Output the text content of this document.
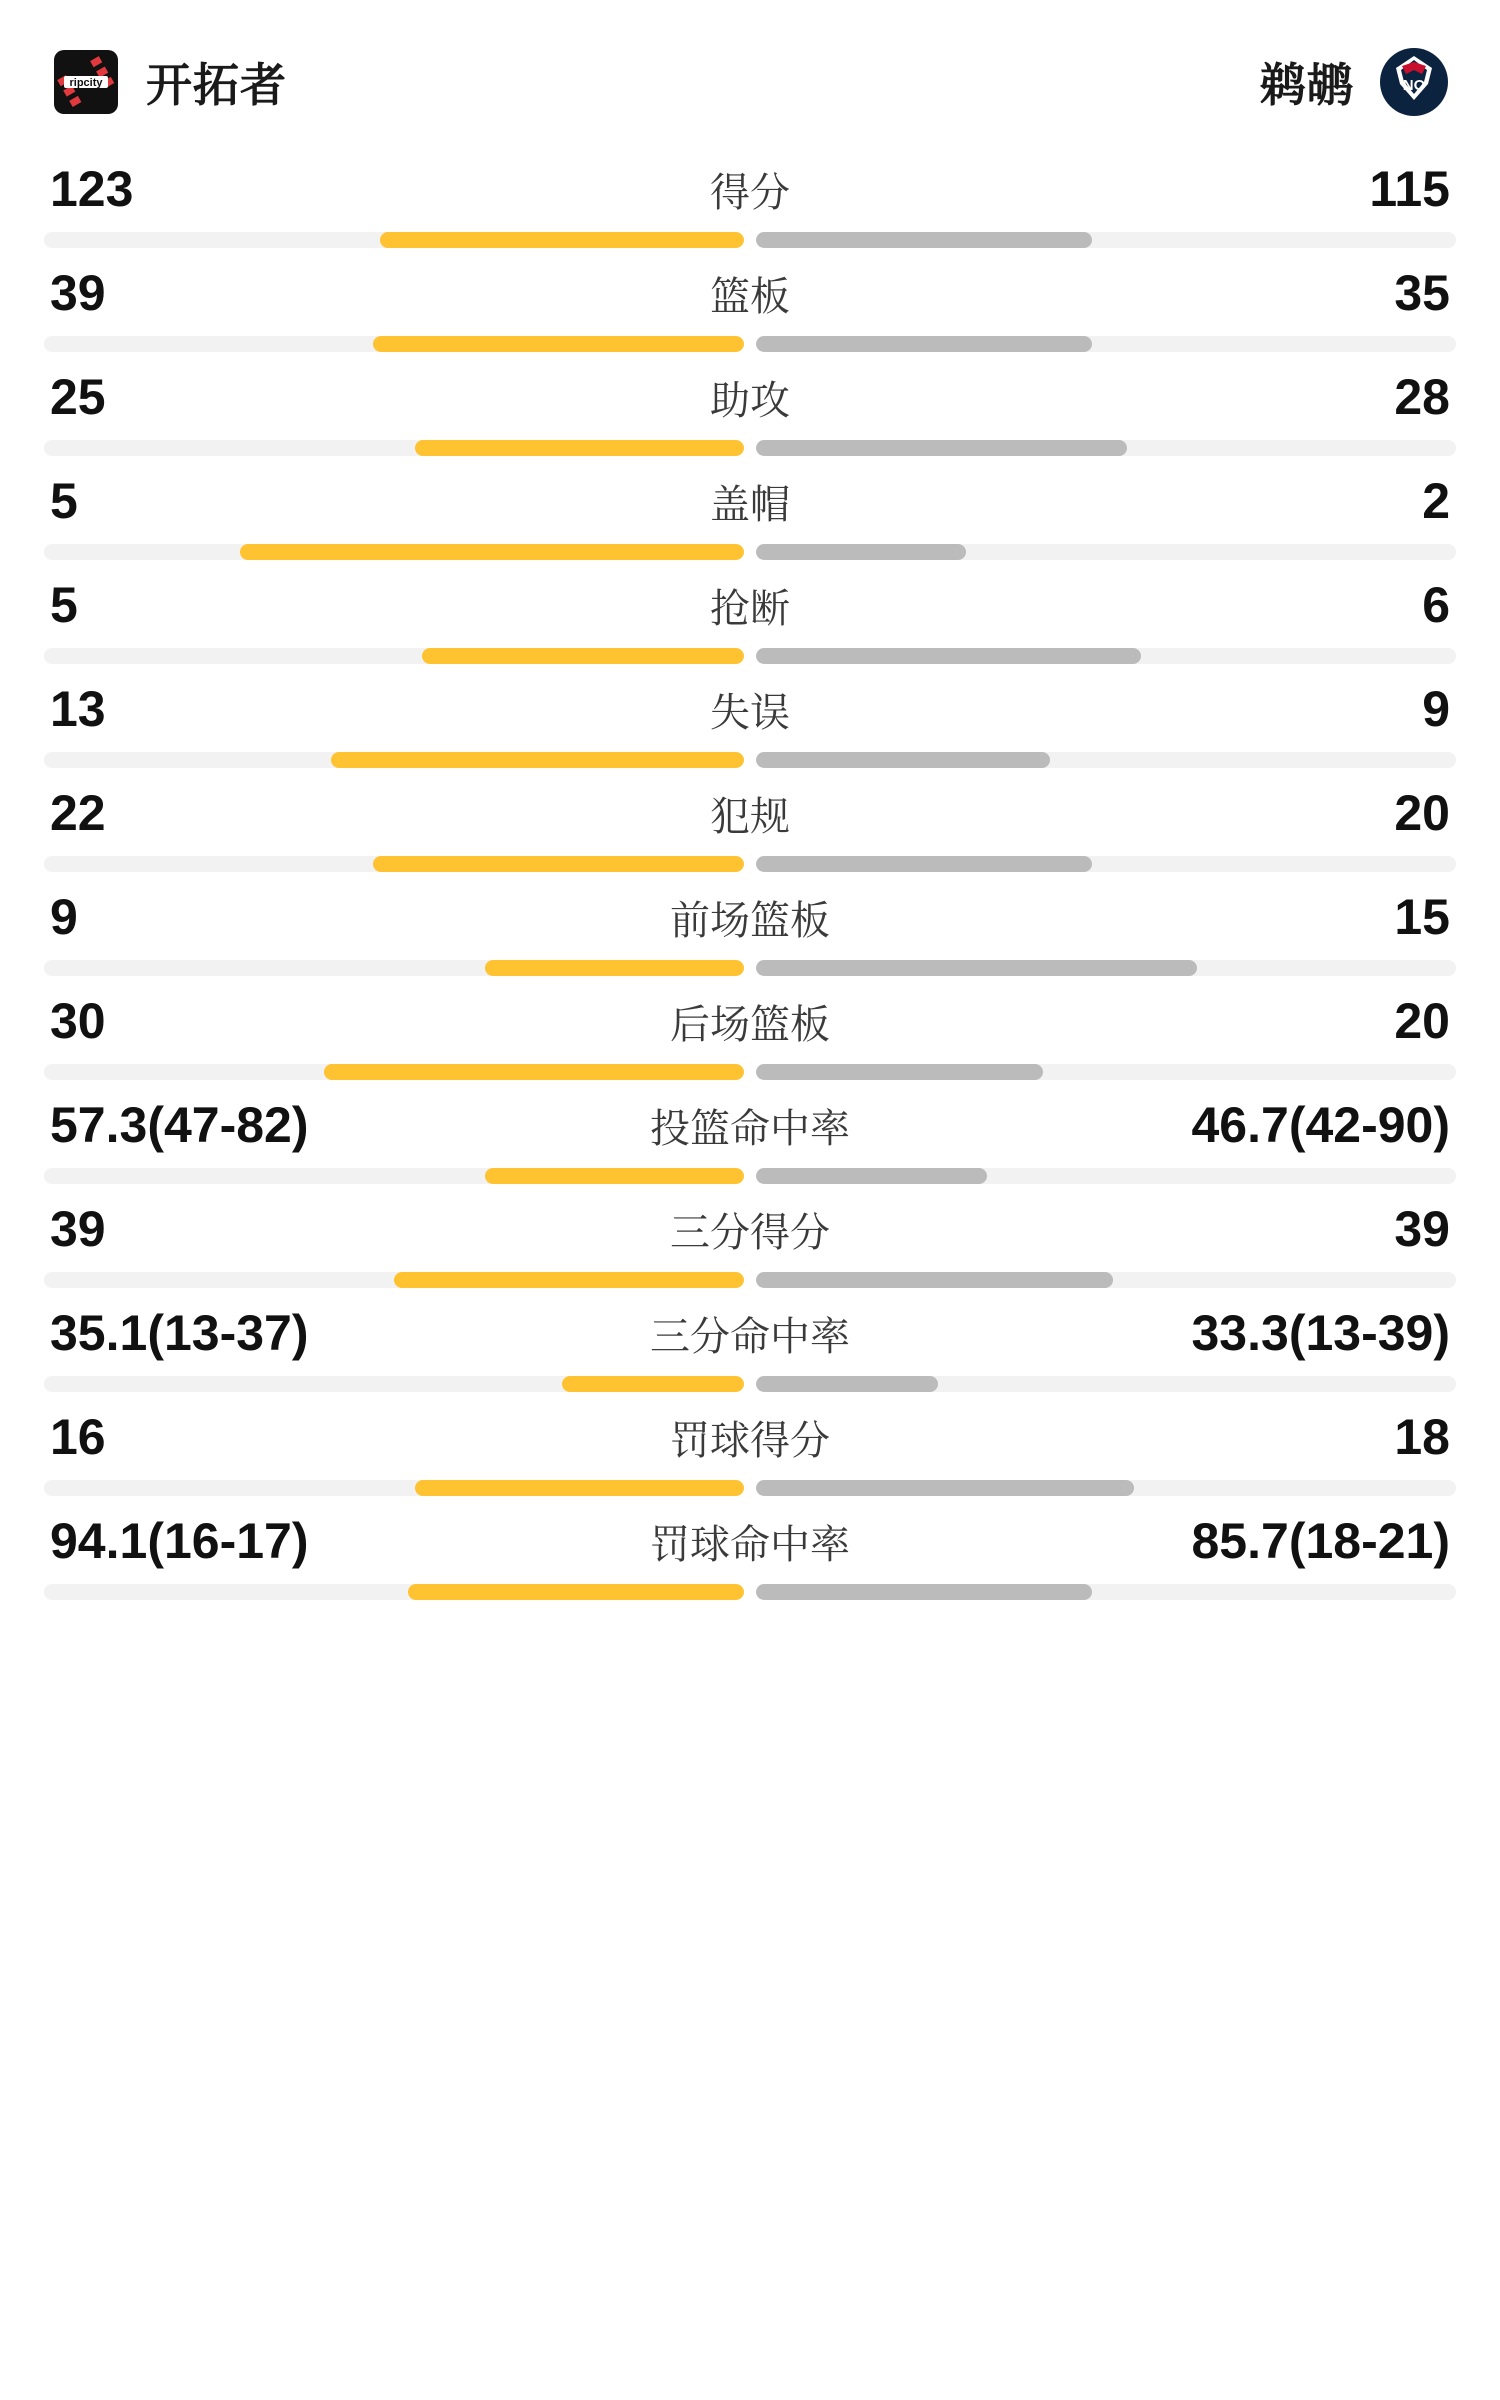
ripcity 开拓者	鹈鹕	NO
123	得分	115
39	篮板	35
25	助攻	28
5	盖帽	2
5	抢断	6
13	失误	9
22	犯规	20
9	前场篮板	15
30	后场篮板	20
57.3(47-82)	投篮命中率	46.7(42-90)
39	三分得分	39
35.1(13-37)	三分命中率	33.3(13-39)
16	罚球得分	18
94.1(16-17)	罚球命中率	85.7(18-21)
